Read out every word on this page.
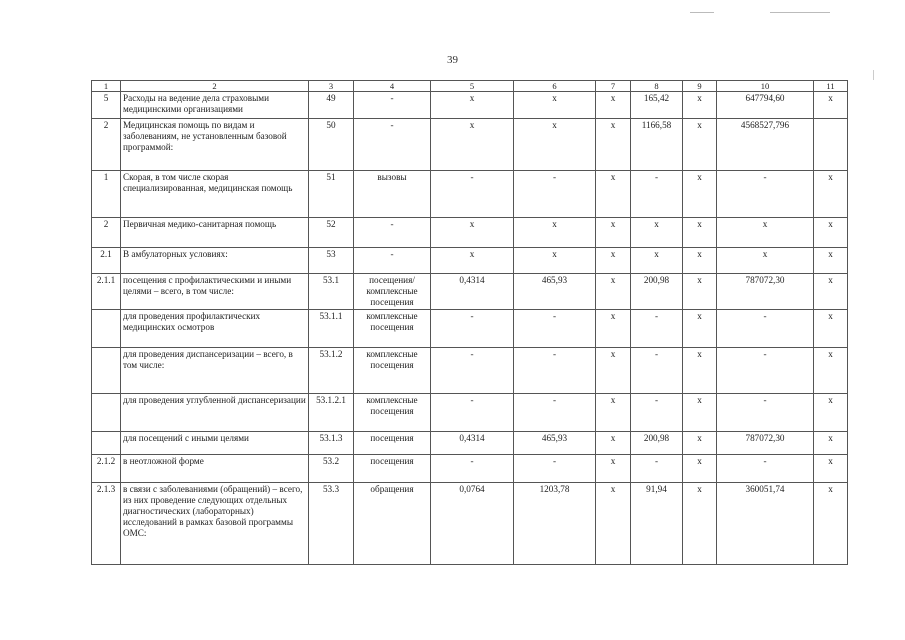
39
1	2	3	4	5	6	7	8	9	10	11
5	Расходы на ведение дела страховыми медицинскими организациями	49	-	x	x	x	165,42	x	647794,60	x
2	Медицинская помощь по видам и заболеваниям, не установленным базовой программой:	50	-	x	x	x	1166,58	x	4568527,796	
1	Скорая, в том числе скорая специализированная, медицинская помощь	51	вызовы	-	-	x	-	x	-	x
2	Первичная медико-санитарная помощь	52	-	x	x	x	x	x	x	x
2.1	В амбулаторных условиях:	53	-	x	x	x	x	x	x	x
2.1.1	посещения с профилактическими и иными целями – всего, в том числе:	53.1	посещения/ комплексные посещения	0,4314	465,93	x	200,98	x	787072,30	x
	для проведения профилактических медицинских осмотров	53.1.1	комплексные посещения	-	-	x	-	x	-	x
	для проведения диспансеризации – всего, в том числе:	53.1.2	комплексные посещения	-	-	x	-	x	-	x
	для проведения углубленной диспансеризации	53.1.2.1	комплексные посещения	-	-	x	-	x	-	x
	для посещений с иными целями	53.1.3	посещения	0,4314	465,93	x	200,98	x	787072,30	x
2.1.2	в неотложной форме	53.2	посещения	-	-	x	-	x	-	x
2.1.3	в связи с заболеваниями (обращений) – всего, из них проведение следующих отдельных диагностических (лабораторных) исследований в рамках базовой программы ОМС:	53.3	обращения	0,0764	1203,78	x	91,94	x	360051,74	x
